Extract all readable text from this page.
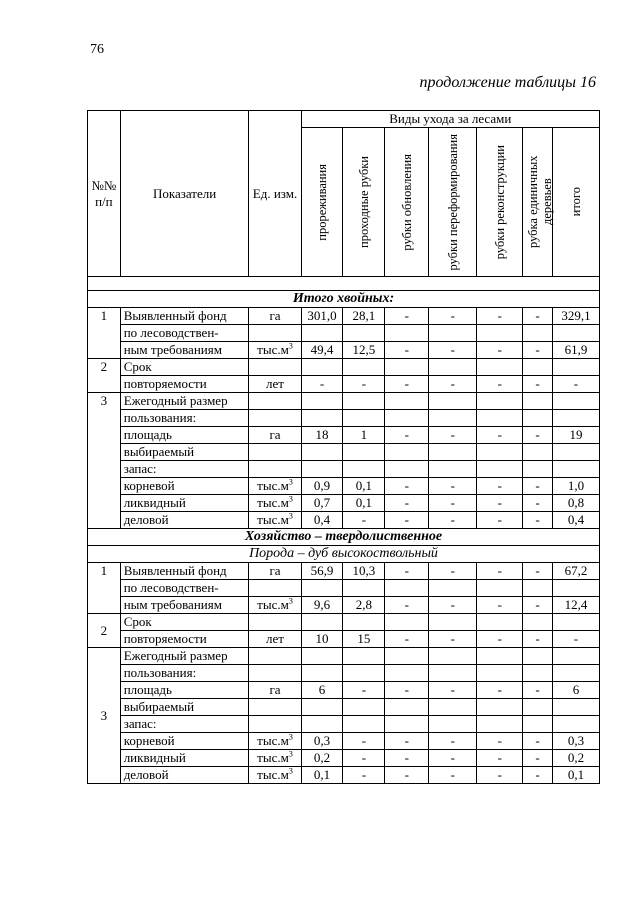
76
продолжение таблицы 16
№№ п/п	Показатели	Ед. изм.	Виды ухода за лесами						
			прореживания	проходные рубки	рубки обновления	рубки переформирования	рубки реконструкции	рубка единичных деревьев	итого

Итого хвойных:									
1	Выявленный фонд	га	301,0	28,1	-	-	-	-	329,1
	по лесоводствен-								
	ным требованиям	$тыс.м^3$	49,4	12,5	-	-	-	-	61,9
2	Срок								
	повторяемости	лет	-	-	-	-	-	-	-
3	Ежегодный размер								
	пользования:								
	площадь	га	18	1	-	-	-	-	19
	выбираемый								
	запас:								
	корневой	$тыс.м^3$	0,9	0,1	-	-	-	-	1,0
	ликвидный	$тыс.м^3$	0,7	0,1	-	-	-	-	0,8
	деловой	$тыс.м^3$	0,4	-	-	-	-	-	0,4
Хозяйство – твердолиственное									
Порода – дуб высокоствольный									
1	Выявленный фонд	га	56,9	10,3	-	-	-	-	67,2
	по лесоводствен-								
	ным требованиям	$тыс.м^3$	9,6	2,8	-	-	-	-	12,4
2	Срок								
	повторяемости	лет	10	15	-	-	-	-	-
3	Ежегодный размер								
	пользования:								
	площадь	га	6	-	-	-	-	-	6
	выбираемый								
	запас:								
	корневой	$тыс.м^3$	0,3	-	-	-	-	-	0,3
	ликвидный	$тыс.м^3$	0,2	-	-	-	-	-	0,2
	деловой	$тыс.м^3$	0,1	-	-	-	-	-	0,1
